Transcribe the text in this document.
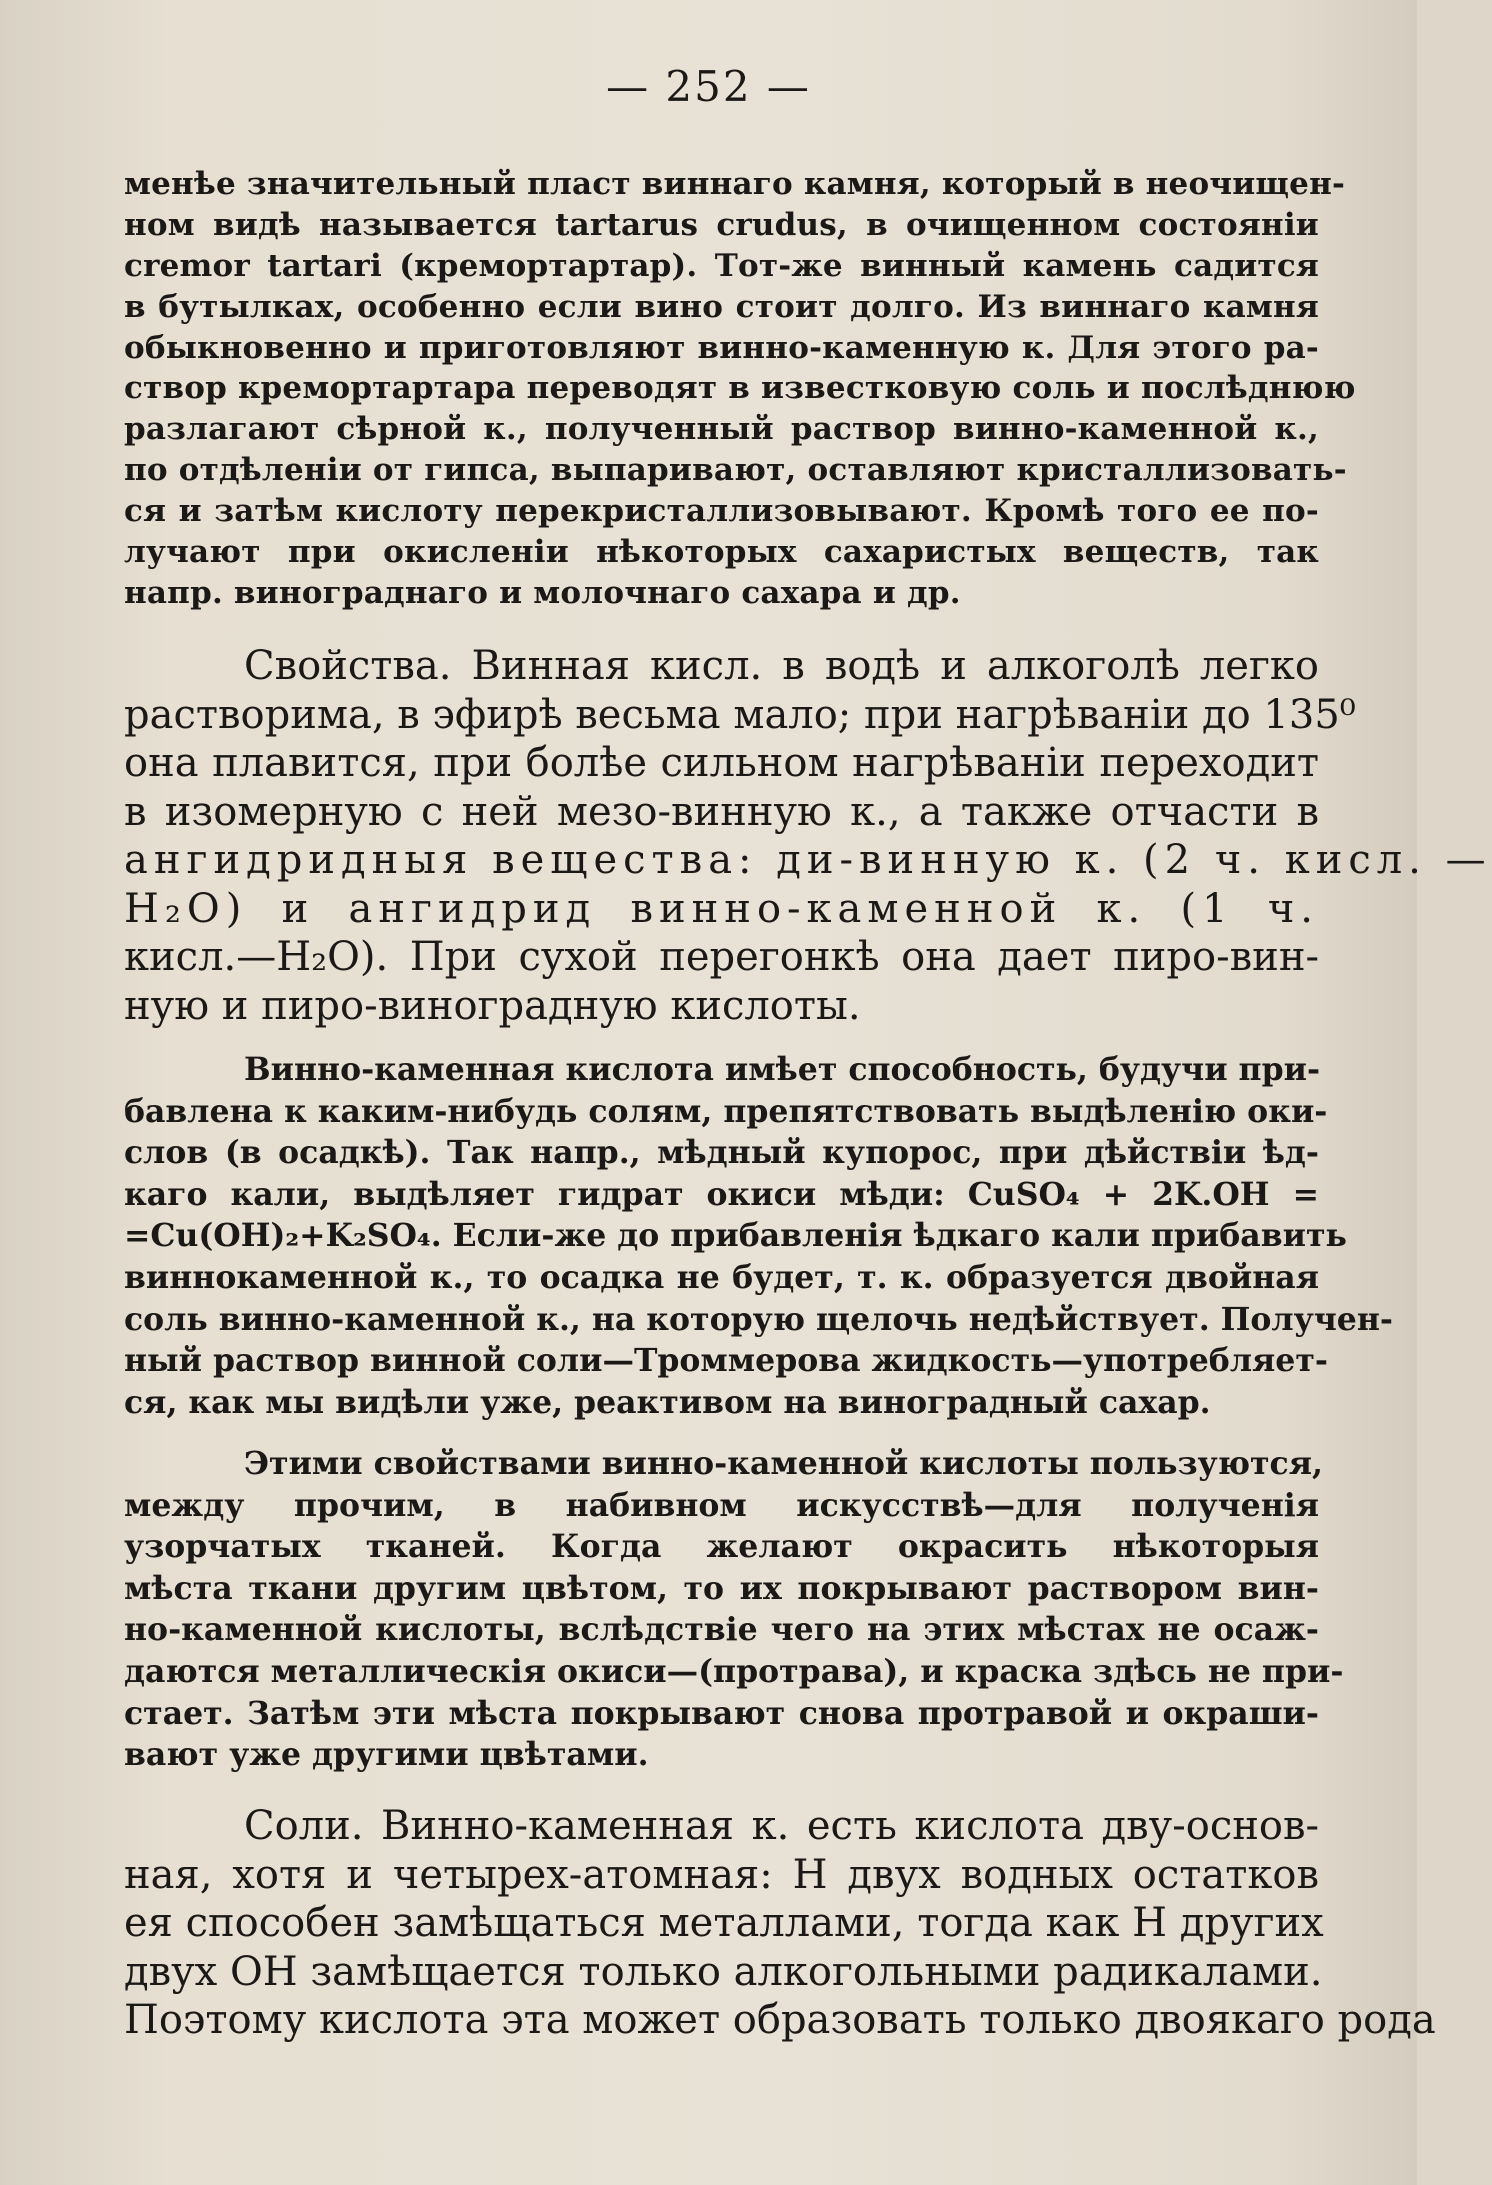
— 252 —
менѣе значительный пласт виннаго камня, который в неочищен-
ном видѣ называется tartarus crudus, в очищенном состоянiи
cremor tartari (кремортартар). Тот-же винный камень садится
в бутылках, особенно если вино стоит долго. Из виннаго камня
обыкновенно и приготовляют винно-каменную к. Для этого ра-
створ кремортартара переводят в известковую соль и послѣднюю
разлагают сѣрной к., полученный раствор винно-каменной к.,
по отдѣленiи от гипса, выпаривают, оставляют кристаллизовать-
ся и затѣм кислоту перекристаллизовывают. Кромѣ того ее по-
лучают при окисленiи нѣкоторых сахаристых веществ, так
напр. винограднаго и молочнаго сахара и др.
Свойства. Винная кисл. в водѣ и алкоголѣ легко
растворима, в эфирѣ весьма мало; при нагрѣванiи до 135⁰
она плавится, при болѣе сильном нагрѣванiи переходит
в изомерную с ней мезо-винную к., а также отчасти в
ангидридныя вещества: ди-винную к. (2 ч. кисл. —
H₂O) и ангидрид винно-каменной к. (1 ч.
кисл.—H₂O). При сухой перегонкѣ она дает пиро-вин-
ную и пиро-виноградную кислоты.
Винно-каменная кислота имѣет способность, будучи при-
бавлена к каким-нибудь солям, препятствовать выдѣленiю оки-
слов (в осадкѣ). Так напр., мѣдный купорос, при дѣйствiи ѣд-
каго кали, выдѣляет гидрат окиси мѣди: CuSO₄ + 2K.OH =
=Cu(OH)₂+K₂SO₄. Если-же до прибавленiя ѣдкаго кали прибавить
виннокаменной к., то осадка не будет, т. к. образуется двойная
соль винно-каменной к., на которую щелочь недѣйствует. Получен-
ный раствор винной соли—Троммерова жидкость—употребляет-
ся, как мы видѣли уже, реактивом на виноградный сахар.
Этими свойствами винно-каменной кислоты пользуются,
между прочим, в набивном искусствѣ—для полученiя
узорчатых тканей. Когда желают окрасить нѣкоторыя
мѣста ткани другим цвѣтом, то их покрывают раствором вин-
но-каменной кислоты, вслѣдствiе чего на этих мѣстах не осаж-
даются металлическiя окиси—(протрава), и краска здѣсь не при-
стает. Затѣм эти мѣста покрывают снова протравой и окраши-
вают уже другими цвѣтами.
Соли. Винно-каменная к. есть кислота дву-основ-
ная, хотя и четырех-атомная: H двух водных остатков
ея способен замѣщаться металлами, тогда как H других
двух OH замѣщается только алкогольными радикалами.
Поэтому кислота эта может образовать только двоякаго рода
